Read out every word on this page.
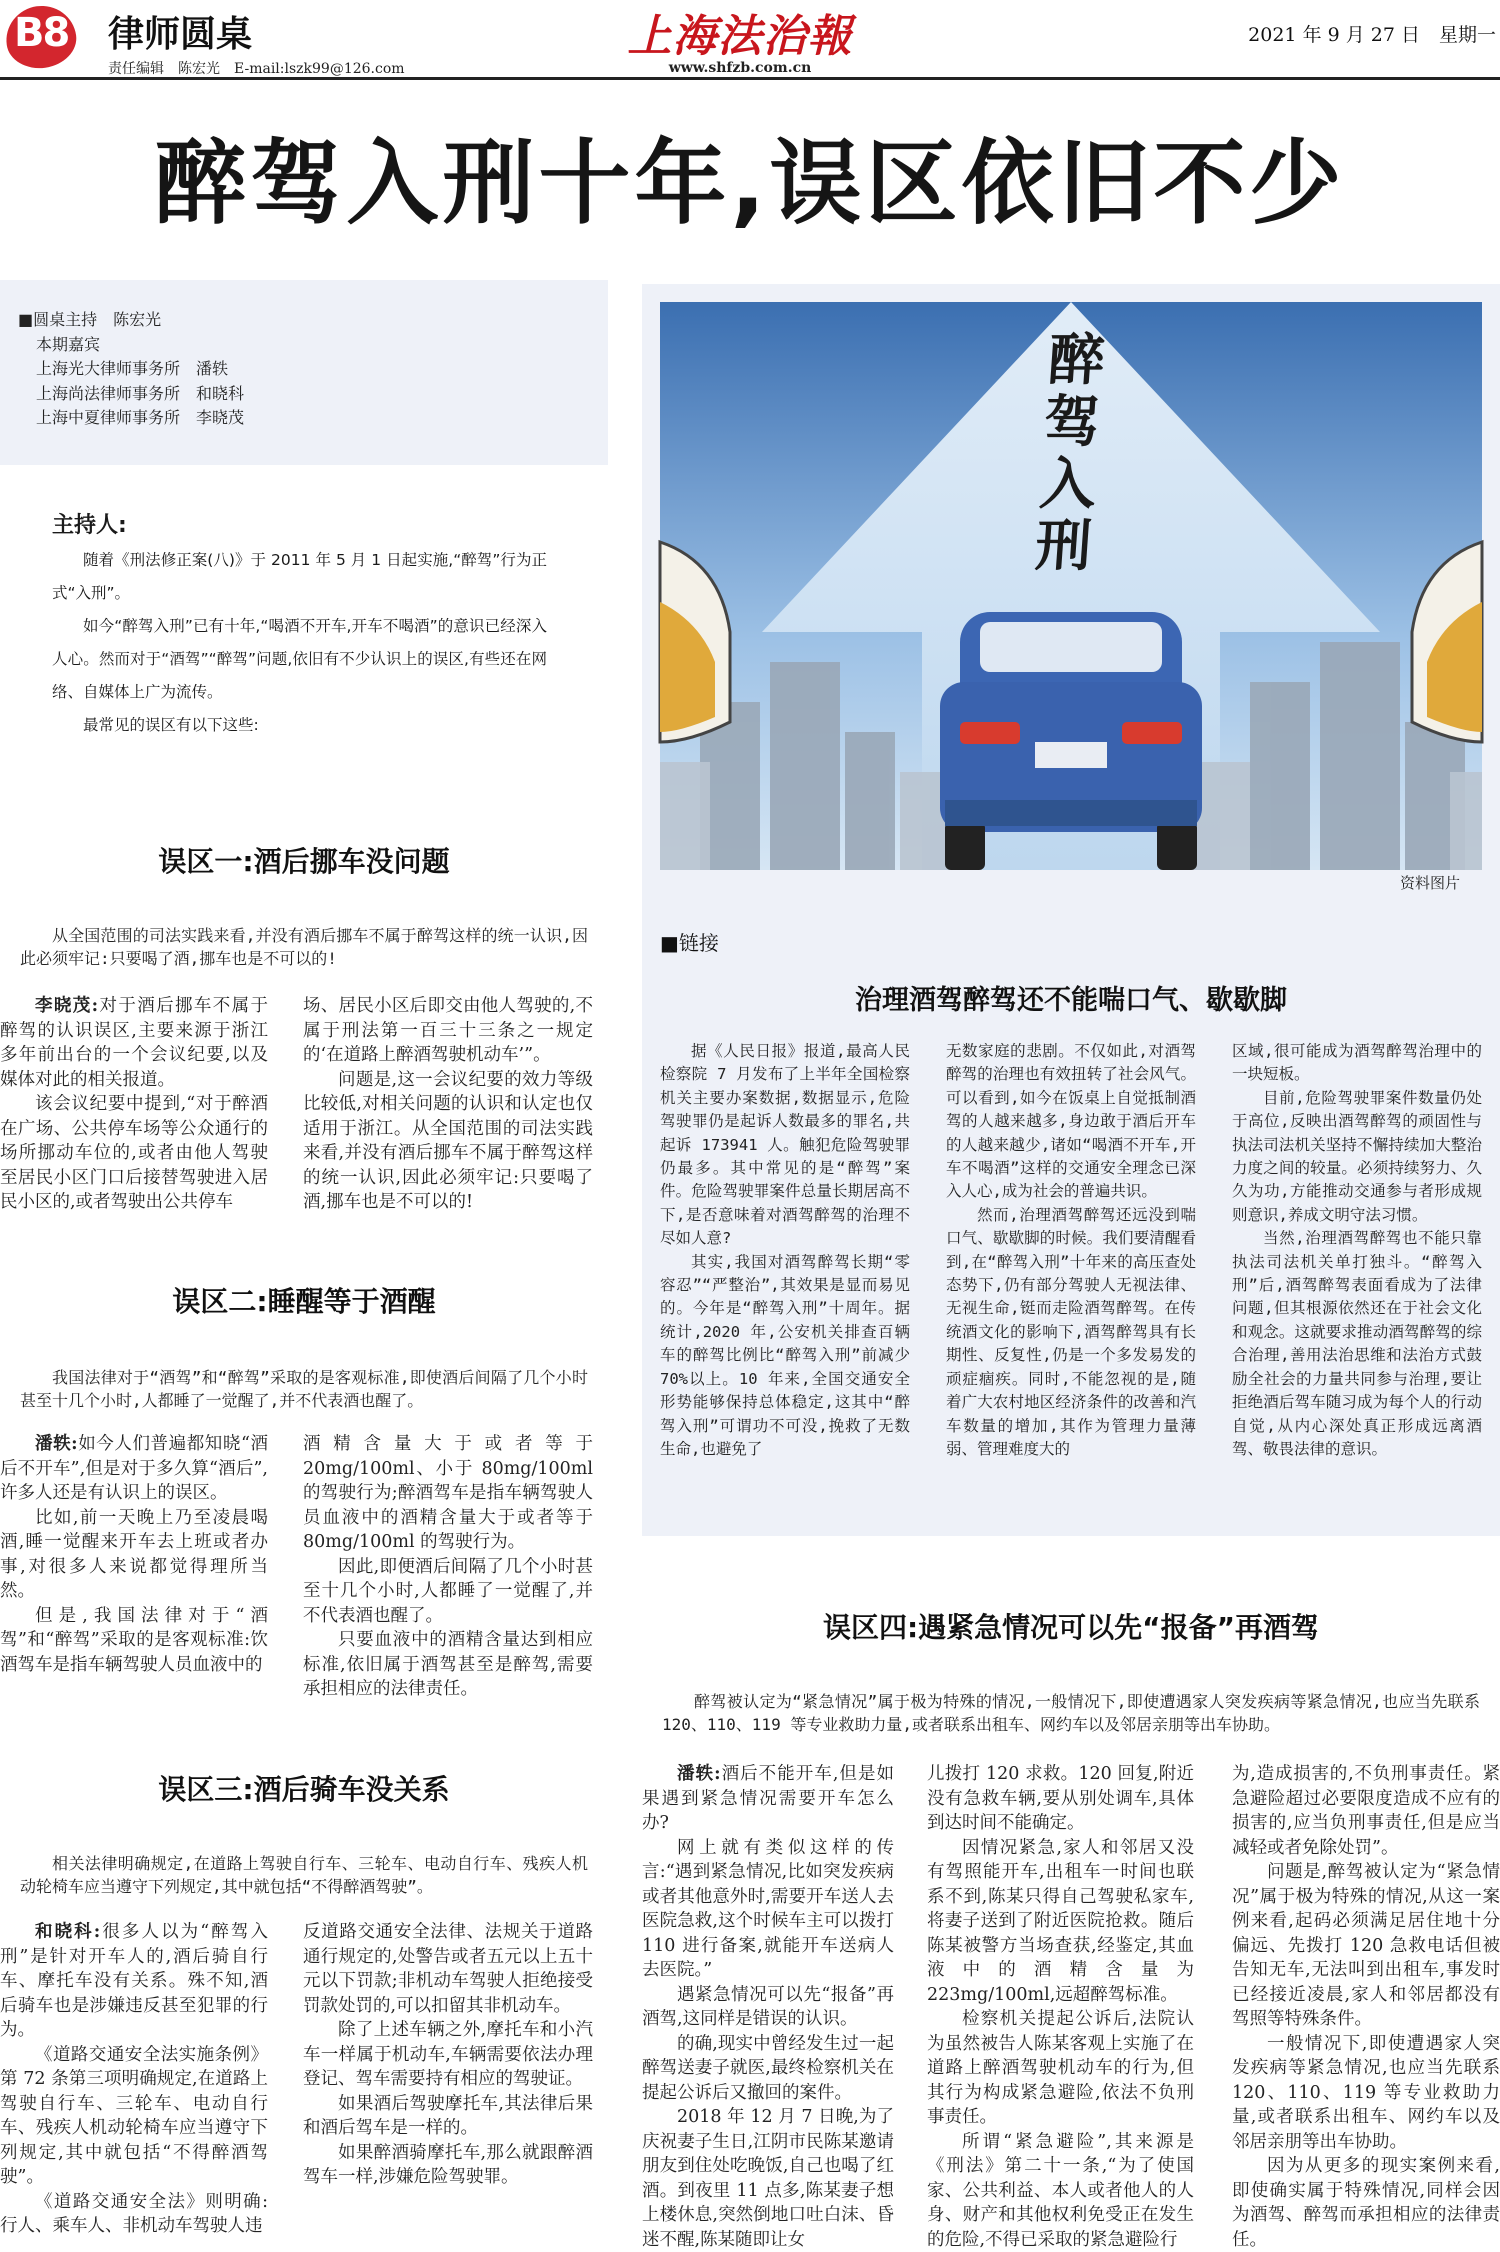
B8 律师圆桌
责任编辑　陈宏光　E-mail:lszk99@126.com
上海法治報
www.shfzb.com.cn
2021 年 9 月 27 日　星期一
醉驾入刑十年,误区依旧不少
■圆桌主持　陈宏光
本期嘉宾
上海光大律师事务所　潘轶
上海尚法律师事务所　和晓科
上海中夏律师事务所　李晓茂
主持人:

随着《刑法修正案(八)》于 2011 年 5 月 1 日起实施,“醉驾”行为正式“入刑”。

如今“醉驾入刑”已有十年,“喝酒不开车,开车不喝酒”的意识已经深入人心。然而对于“酒驾”“醉驾”问题,依旧有不少认识上的误区,有些还在网络、自媒体上广为流传。

最常见的误区有以下这些:

误区一:酒后挪车没问题

从全国范围的司法实践来看,并没有酒后挪车不属于醉驾这样的统一认识,因此必须牢记:只要喝了酒,挪车也是不可以的!

李晓茂:对于酒后挪车不属于醉驾的认识误区,主要来源于浙江多年前出台的一个会议纪要,以及媒体对此的相关报道。

该会议纪要中提到,“对于醉酒在广场、公共停车场等公众通行的场所挪动车位的,或者由他人驾驶至居民小区门口后接替驾驶进入居民小区的,或者驾驶出公共停车

场、居民小区后即交由他人驾驶的,不属于刑法第一百三十三条之一规定的‘在道路上醉酒驾驶机动车’”。

问题是,这一会议纪要的效力等级比较低,对相关问题的认识和认定也仅适用于浙江。从全国范围的司法实践来看,并没有酒后挪车不属于醉驾这样的统一认识,因此必须牢记:只要喝了酒,挪车也是不可以的!

误区二:睡醒等于酒醒

我国法律对于“酒驾”和“醉驾”采取的是客观标准,即使酒后间隔了几个小时甚至十几个小时,人都睡了一觉醒了,并不代表酒也醒了。

潘轶:如今人们普遍都知晓“酒后不开车”,但是对于多久算“酒后”,许多人还是有认识上的误区。

比如,前一天晚上乃至凌晨喝酒,睡一觉醒来开车去上班或者办事,对很多人来说都觉得理所当然。

但是,我国法律对于“酒驾”和“醉驾”采取的是客观标准:饮酒驾车是指车辆驾驶人员血液中的

酒精含量大于或者等于 20mg/100ml、小于 80mg/100ml 的驾驶行为;醉酒驾车是指车辆驾驶人员血液中的酒精含量大于或者等于 80mg/100ml 的驾驶行为。

因此,即便酒后间隔了几个小时甚至十几个小时,人都睡了一觉醒了,并不代表酒也醒了。

只要血液中的酒精含量达到相应标准,依旧属于酒驾甚至是醉驾,需要承担相应的法律责任。

误区三:酒后骑车没关系

相关法律明确规定,在道路上驾驶自行车、三轮车、电动自行车、残疾人机动轮椅车应当遵守下列规定,其中就包括“不得醉酒驾驶”。

和晓科:很多人以为“醉驾入刑”是针对开车人的,酒后骑自行车、摩托车没有关系。殊不知,酒后骑车也是涉嫌违反甚至犯罪的行为。

《道路交通安全法实施条例》第 72 条第三项明确规定,在道路上驾驶自行车、三轮车、电动自行车、残疾人机动轮椅车应当遵守下列规定,其中就包括“不得醉酒驾驶”。

《道路交通安全法》则明确:行人、乘车人、非机动车驾驶人违

反道路交通安全法律、法规关于道路通行规定的,处警告或者五元以上五十元以下罚款;非机动车驾驶人拒绝接受罚款处罚的,可以扣留其非机动车。

除了上述车辆之外,摩托车和小汽车一样属于机动车,车辆需要依法办理登记、驾车需要持有相应的驾驶证。

如果酒后驾驶摩托车,其法律后果和酒后驾车是一样的。

如果醉酒骑摩托车,那么就跟醉酒驾车一样,涉嫌危险驾驶罪。

醉驾入刑
资料图片
■链接
治理酒驾醉驾还不能喘口气、歇歇脚

据《人民日报》报道,最高人民检察院 7 月发布了上半年全国检察机关主要办案数据,数据显示,危险驾驶罪仍是起诉人数最多的罪名,共起诉 173941 人。触犯危险驾驶罪仍最多。其中常见的是“醉驾”案件。危险驾驶罪案件总量长期居高不下,是否意味着对酒驾醉驾的治理不尽如人意?

其实,我国对酒驾醉驾长期“零容忍”“严整治”,其效果是显而易见的。今年是“醉驾入刑”十周年。据统计,2020 年,公安机关排查百辆车的醉驾比例比“醉驾入刑”前减少 70%以上。10 年来,全国交通安全形势能够保持总体稳定,这其中“醉驾入刑”可谓功不可没,挽救了无数生命,也避免了

无数家庭的悲剧。不仅如此,对酒驾醉驾的治理也有效扭转了社会风气。可以看到,如今在饭桌上自觉抵制酒驾的人越来越多,身边敢于酒后开车的人越来越少,诸如“喝酒不开车,开车不喝酒”这样的交通安全理念已深入人心,成为社会的普遍共识。

然而,治理酒驾醉驾还远没到喘口气、歇歇脚的时候。我们要清醒看到,在“醉驾入刑”十年来的高压查处态势下,仍有部分驾驶人无视法律、无视生命,铤而走险酒驾醉驾。在传统酒文化的影响下,酒驾醉驾具有长期性、反复性,仍是一个多发易发的顽症痼疾。同时,不能忽视的是,随着广大农村地区经济条件的改善和汽车数量的增加,其作为管理力量薄弱、管理难度大的

区域,很可能成为酒驾醉驾治理中的一块短板。

目前,危险驾驶罪案件数量仍处于高位,反映出酒驾醉驾的顽固性与执法司法机关坚持不懈持续加大整治力度之间的较量。必须持续努力、久久为功,方能推动交通参与者形成规则意识,养成文明守法习惯。

当然,治理酒驾醉驾也不能只靠执法司法机关单打独斗。“醉驾入刑”后,酒驾醉驾表面看成为了法律问题,但其根源依然还在于社会文化和观念。这就要求推动酒驾醉驾的综合治理,善用法治思维和法治方式鼓励全社会的力量共同参与治理,要让拒绝酒后驾车随习成为每个人的行动自觉,从内心深处真正形成远离酒驾、敬畏法律的意识。

误区四:遇紧急情况可以先“报备”再酒驾

醉驾被认定为“紧急情况”属于极为特殊的情况,一般情况下,即使遭遇家人突发疾病等紧急情况,也应当先联系 120、110、119 等专业救助力量,或者联系出租车、网约车以及邻居亲朋等出车协助。

潘轶:酒后不能开车,但是如果遇到紧急情况需要开车怎么办?

网上就有类似这样的传言:“遇到紧急情况,比如突发疾病或者其他意外时,需要开车送人去医院急救,这个时候车主可以拨打 110 进行备案,就能开车送病人去医院。”

遇紧急情况可以先“报备”再酒驾,这同样是错误的认识。

的确,现实中曾经发生过一起醉驾送妻子就医,最终检察机关在提起公诉后又撤回的案件。

2018 年 12 月 7 日晚,为了庆祝妻子生日,江阴市民陈某邀请朋友到住处吃晚饭,自己也喝了红酒。到夜里 11 点多,陈某妻子想上楼休息,突然倒地口吐白沫、昏迷不醒,陈某随即让女

儿拨打 120 求救。120 回复,附近没有急救车辆,要从别处调车,具体到达时间不能确定。

因情况紧急,家人和邻居又没有驾照能开车,出租车一时间也联系不到,陈某只得自己驾驶私家车,将妻子送到了附近医院抢救。随后陈某被警方当场查获,经鉴定,其血液中的酒精含量为 223mg/100ml,远超醉驾标准。

检察机关提起公诉后,法院认为虽然被告人陈某客观上实施了在道路上醉酒驾驶机动车的行为,但其行为构成紧急避险,依法不负刑事责任。

所谓“紧急避险”,其来源是《刑法》第二十一条,“为了使国家、公共利益、本人或者他人的人身、财产和其他权利免受正在发生的危险,不得已采取的紧急避险行

为,造成损害的,不负刑事责任。紧急避险超过必要限度造成不应有的损害的,应当负刑事责任,但是应当减轻或者免除处罚”。

问题是,醉驾被认定为“紧急情况”属于极为特殊的情况,从这一案例来看,起码必须满足居住地十分偏远、先拨打 120 急救电话但被告知无车,无法叫到出租车,事发时已经接近凌晨,家人和邻居都没有驾照等特殊条件。

一般情况下,即使遭遇家人突发疾病等紧急情况,也应当先联系 120、110、119 等专业救助力量,或者联系出租车、网约车以及邻居亲朋等出车协助。

因为从更多的现实案例来看,即使确实属于特殊情况,同样会因为酒驾、醉驾而承担相应的法律责任。
